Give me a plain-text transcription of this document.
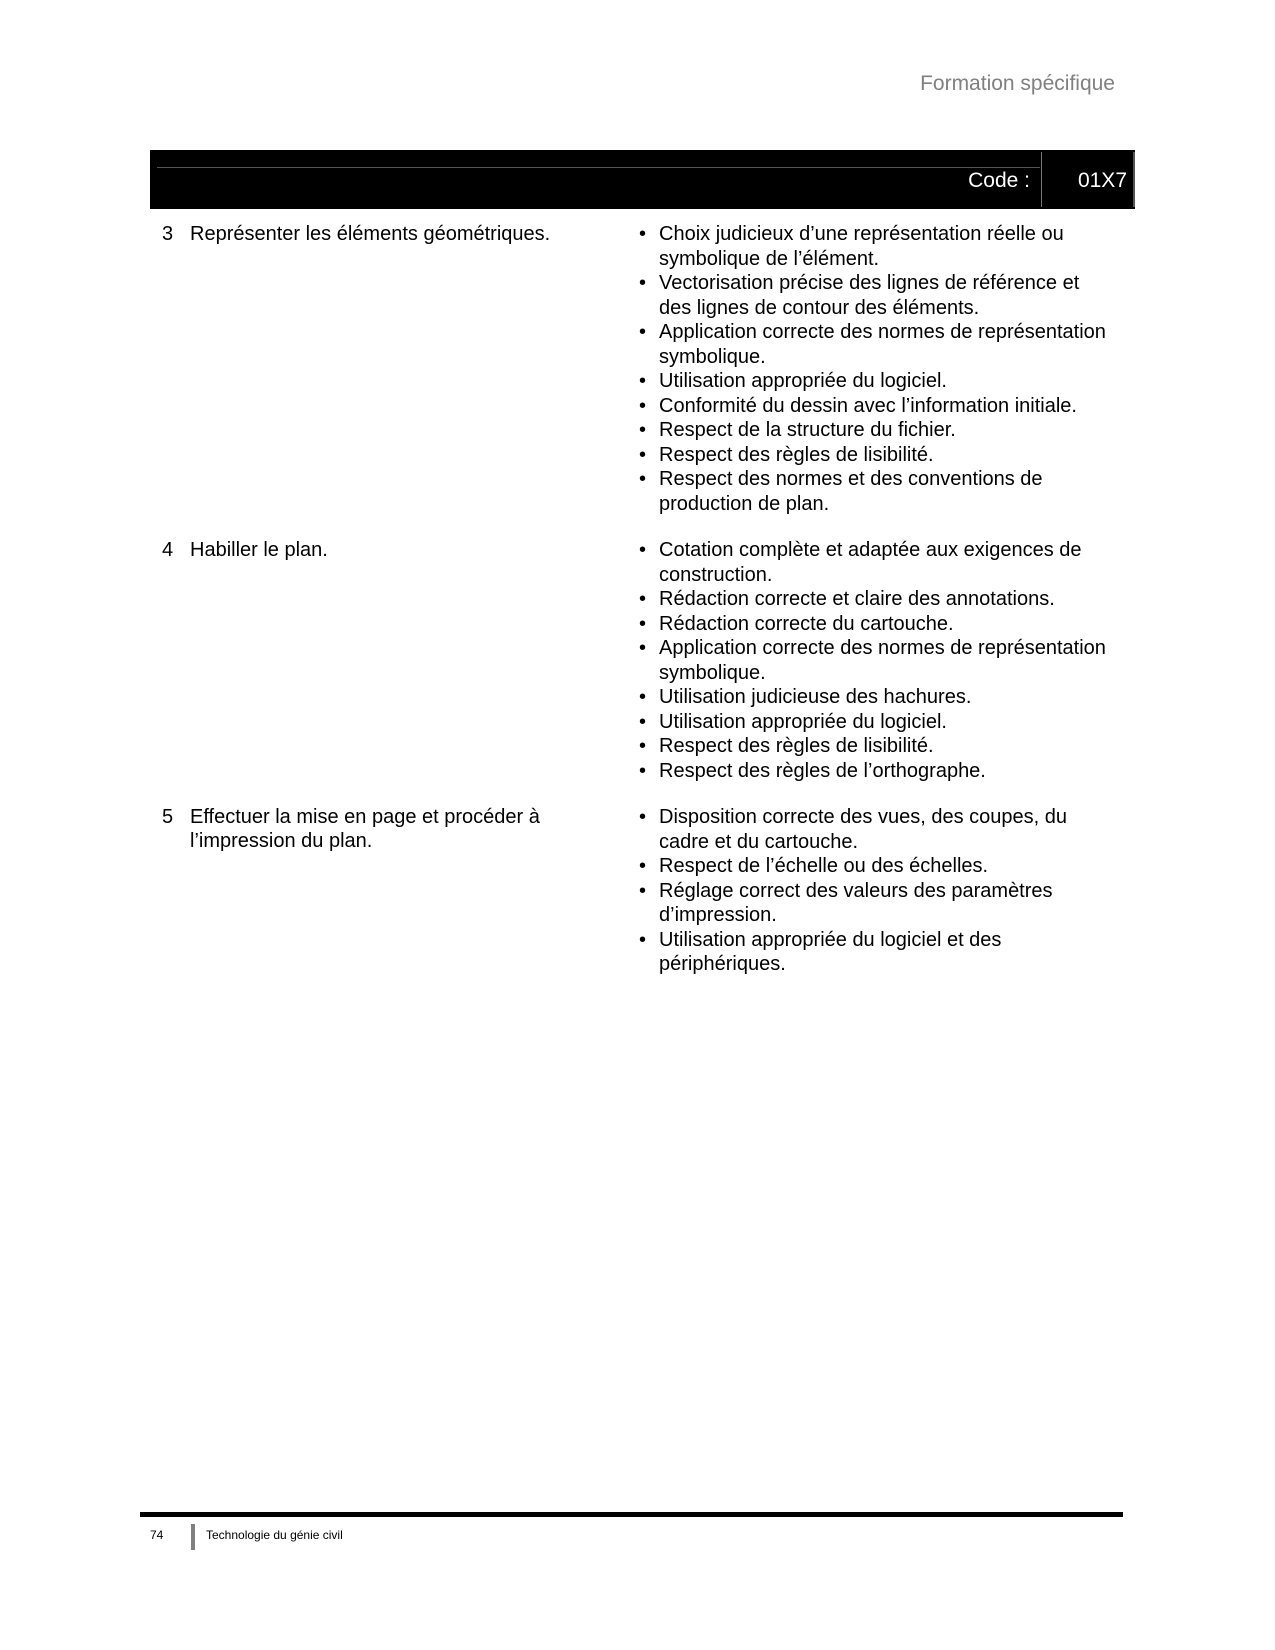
Formation spécifique
Code : 01X7
3 Représenter les éléments géométriques.	• Choix judicieux d’une représentation réelle ou symbolique de l’élément.
• Vectorisation précise des lignes de référence et des lignes de contour des éléments.
• Application correcte des normes de représentation symbolique.
• Utilisation appropriée du logiciel.
• Conformité du dessin avec l’information initiale.
• Respect de la structure du fichier.
• Respect des règles de lisibilité.
• Respect des normes et des conventions de production de plan.
4 Habiller le plan.	• Cotation complète et adaptée aux exigences de construction.
• Rédaction correcte et claire des annotations.
• Rédaction correcte du cartouche.
• Application correcte des normes de représentation symbolique.
• Utilisation judicieuse des hachures.
• Utilisation appropriée du logiciel.
• Respect des règles de lisibilité.
• Respect des règles de l’orthographe.
5 Effectuer la mise en page et procéder à l’impression du plan.
• Disposition correcte des vues, des coupes, du cadre et du cartouche.
• Respect de l’échelle ou des échelles.
• Réglage correct des valeurs des paramètres d’impression.
• Utilisation appropriée du logiciel et des périphériques.
74	Technologie du génie civil
